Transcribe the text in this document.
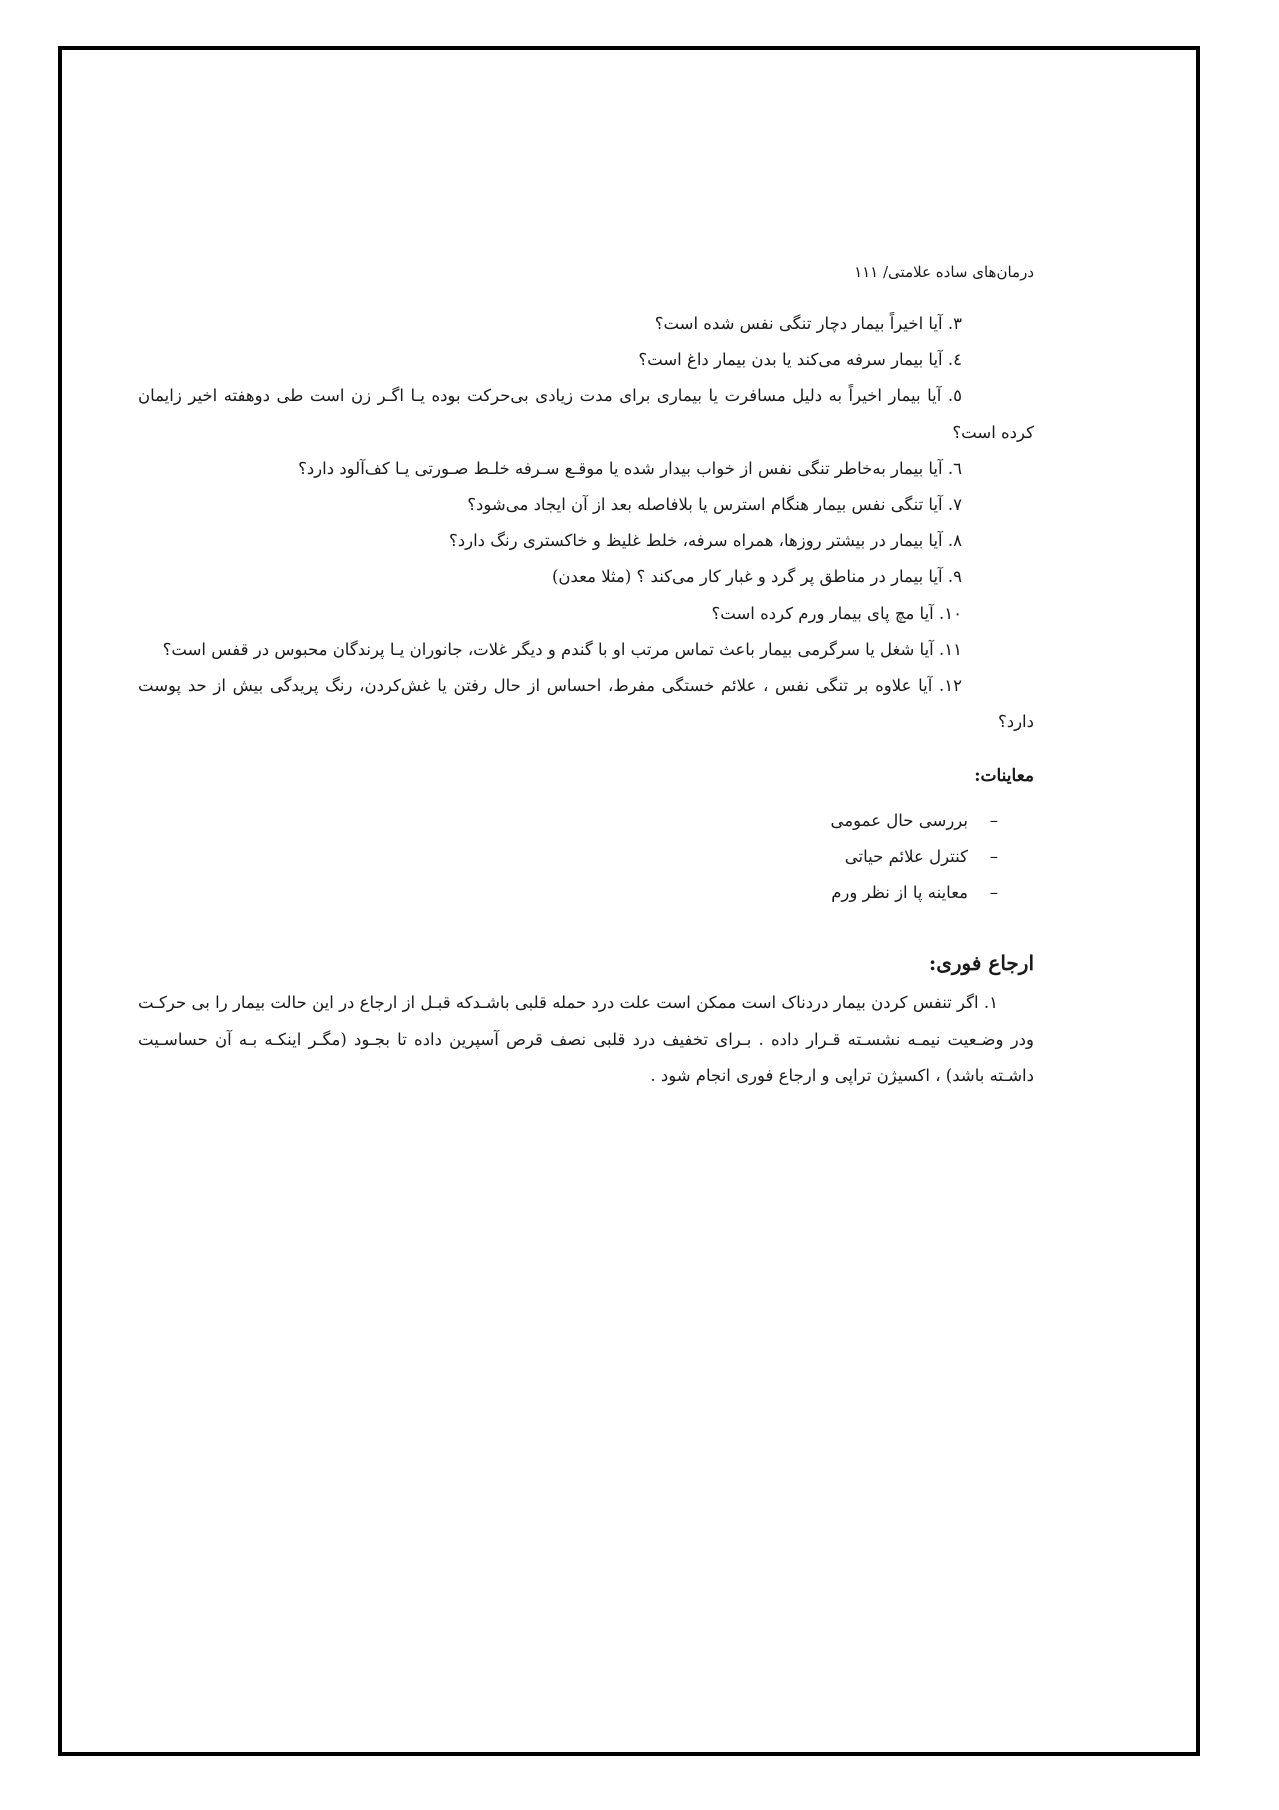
درمان‌های ساده علامتی/ ۱۱۱

۳. آیا اخیراً بیمار دچار تنگی نفس شده است؟

٤. آیا بیمار سرفه می‌کند یا بدن بیمار داغ است؟

٥. آیا بیمار اخیراً به دلیل مسافرت یا بیماری برای مدت زیادی بی‌حرکت بوده یـا اگـر زن است طی دوهفته اخیر زایمان کرده است؟

٦. آیا بیمار به‌خاطر تنگی نفس از خواب بیدار شده یا موقـع سـرفه خلـط صـورتی یـا کف‌آلود دارد؟

۷. آیا تنگی نفس بیمار هنگام استرس یا بلافاصله بعد از آن ایجاد می‌شود؟

۸. آیا بیمار در بیشتر روزها، همراه سرفه، خلط غلیظ و خاکستری رنگ دارد؟

۹. آیا بیمار در مناطق پر گرد و غبار کار می‌کند ؟ (مثلا معدن)

۱۰. آیا مچ پای بیمار ورم کرده است؟

۱۱. آیا شغل یا سرگرمی بیمار باعث تماس مرتب او با گندم و دیگر غلات، جانوران یـا پرندگان محبوس در قفس است؟

۱۲. آیا علاوه بر تنگی نفس ، علائم خستگی مفرط، احساس از حال رفتن یا غش‌کردن، رنگ پریدگی بیش از حد پوست دارد؟

معاینات:
–بررسی حال عمومی
–کنترل علائم حیاتی
–معاینه پا از نظر ورم
ارجاع فوری:

۱. اگر تنفس کردن بیمار دردناک است ممکن است علت درد حمله قلبی باشـدکه قبـل از ارجاع در این حالت بیمار را بی حرکـت ودر وضـعیت نیمـه نشسـته قـرار داده . بـرای تخفیف درد قلبی نصف قرص آسپرین داده تا بجـود (مگـر اینکـه بـه آن حساسـیت داشـته باشد) ، اکسیژن تراپی و ارجاع فوری انجام شود .
